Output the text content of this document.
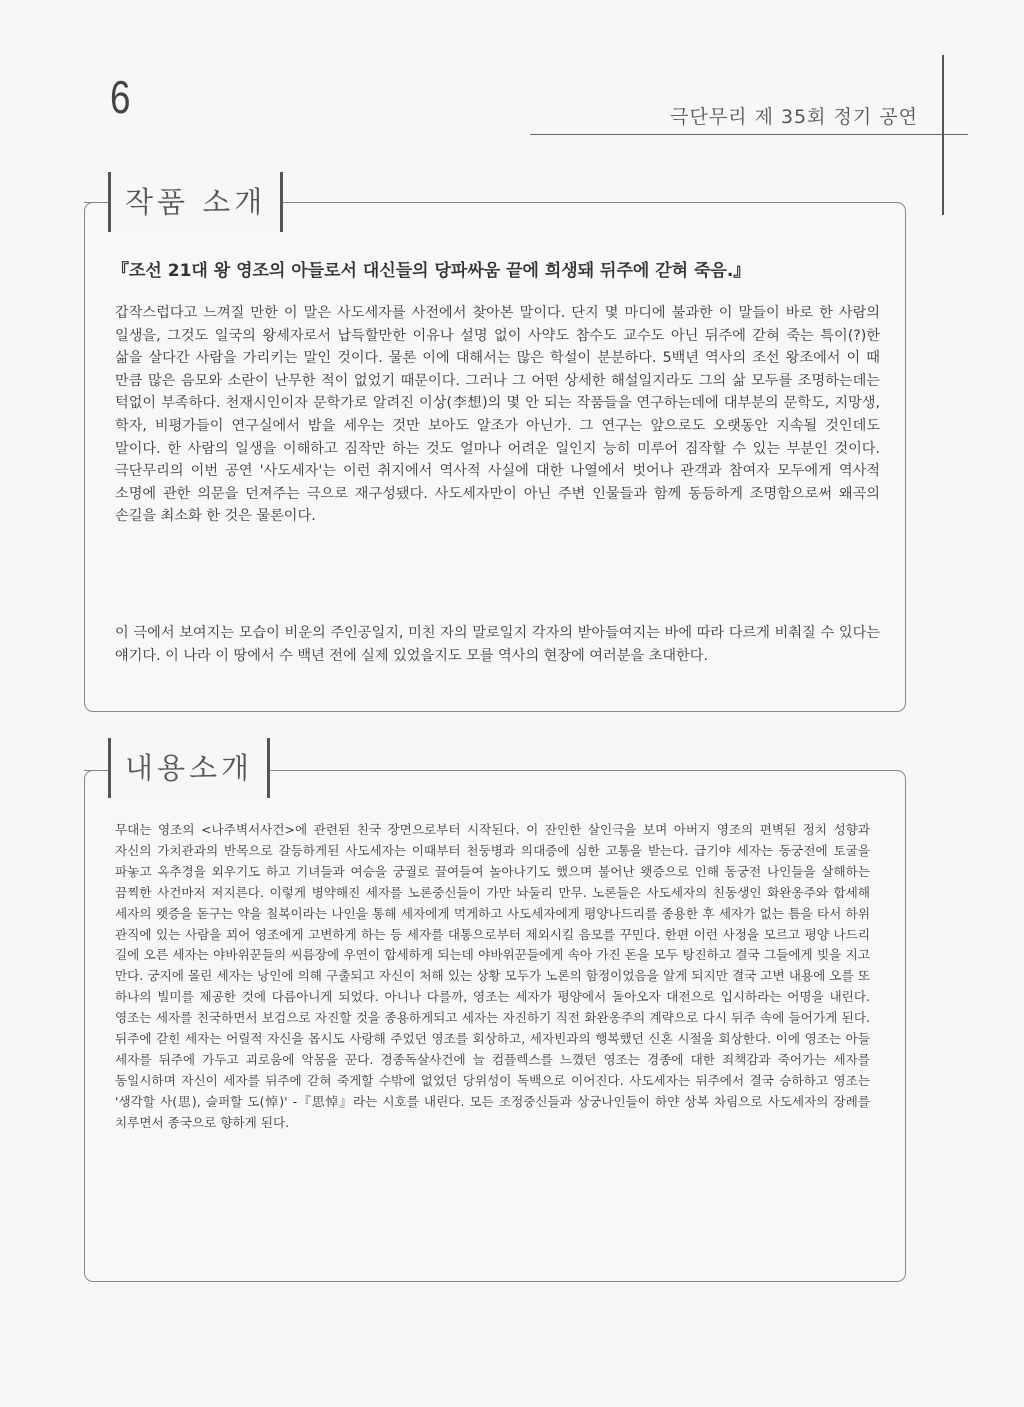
6	극단무리 제 35회 정기 공연
작품 소개
『조선 21대 왕 영조의 아들로서 대신들의 당파싸움 끝에 희생돼 뒤주에 갇혀 죽음.』
갑작스럽다고 느껴질 만한 이 말은 사도세자를 사전에서 찾아본 말이다. 단지 몇 마디에 불과한 이 말들이 바로 한 사람의 일생을, 그것도 일국의 왕세자로서 납득할만한 이유나 설명 없이 사약도 참수도 교수도 아닌 뒤주에 갇혀 죽는 특이(?)한 삶을 살다간 사람을 가리키는 말인 것이다. 물론 이에 대해서는 많은 학설이 분분하다. 5백년 역사의 조선 왕조에서 이 때 만큼 많은 음모와 소란이 난무한 적이 없었기 때문이다. 그러나 그 어떤 상세한 해설일지라도 그의 삶 모두를 조명하는데는 턱없이 부족하다. 천재시인이자 문학가로 알려진 이상(李想)의 몇 안 되는 작품들을 연구하는데에 대부분의 문학도, 지망생, 학자, 비평가들이 연구실에서 밤을 세우는 것만 보아도 알조가 아닌가. 그 연구는 앞으로도 오랫동안 지속될 것인데도 말이다. 한 사람의 일생을 이해하고 짐작만 하는 것도 얼마나 어려운 일인지 능히 미루어 짐작할 수 있는 부분인 것이다. 극단무리의 이번 공연 '사도세자'는 이런 취지에서 역사적 사실에 대한 나열에서 벗어나 관객과 참여자 모두에게 역사적 소명에 관한 의문을 던져주는 극으로 재구성됐다. 사도세자만이 아닌 주변 인물들과 함께 동등하게 조명함으로써 왜곡의 손길을 최소화 한 것은 물론이다.
이 극에서 보여지는 모습이 비운의 주인공일지, 미친 자의 말로일지 각자의 받아들여지는 바에 따라 다르게 비춰질 수 있다는 얘기다. 이 나라 이 땅에서 수 백년 전에 실제 있었을지도 모를 역사의 현장에 여러분을 초대한다.
내용소개
무대는 영조의 <나주벽서사건>에 관련된 친국 장면으로부터 시작된다. 이 잔인한 살인극을 보며 아버지 영조의 편벽된 정치 성향과 자신의 가치관과의 반목으로 갈등하게된 사도세자는 이때부터 천둥병과 의대증에 심한 고통을 받는다. 급기야 세자는 동궁전에 토굴을 파놓고 옥추경을 외우기도 하고 기녀들과 여승을 궁궐로 끌여들여 놀아나기도 했으며 불어난 왯증으로 인해 동궁전 나인들을 살해하는 끔찍한 사건마저 저지른다. 이렇게 병약해진 세자를 노론중신들이 가만 놔둘리 만무. 노론들은 사도세자의 친동생인 화완옹주와 합세해 세자의 왯증을 돋구는 약을 칠복이라는 나인을 통해 세자에게 먹게하고 사도세자에게 평양나드리를 종용한 후 세자가 없는 틈을 타서 하위 관직에 있는 사람을 꾀어 영조에게 고변하게 하는 등 세자를 대통으로부터 제외시킬 음모를 꾸민다. 한편 이런 사정을 모르고 평양 나드리 길에 오른 세자는 야바위꾼들의 씨름장에 우연이 합세하게 되는데 야바위꾼들에게 속아 가진 돈을 모두 탕진하고 결국 그들에게 빚을 지고 만다. 궁지에 몰린 세자는 낭인에 의해 구출되고 자신이 처해 있는 상황 모두가 노론의 함정이었음을 알게 되지만 결국 고변 내용에 오를 또 하나의 빌미를 제공한 것에 다름아니게 되었다. 아니나 다를까, 영조는 세자가 평양에서 돌아오자 대전으로 입시하라는 어명을 내린다. 영조는 세자를 친국하면서 보검으로 자진할 것을 종용하게되고 세자는 자진하기 직전 화완옹주의 계략으로 다시 뒤주 속에 들어가게 된다. 뒤주에 갇힌 세자는 어릴적 자신을 몹시도 사랑해 주었던 영조를 회상하고, 세자빈과의 행복했던 신혼 시절을 회상한다. 이에 영조는 아들 세자를 뒤주에 가두고 괴로움에 악몽을 꾼다. 경종독살사건에 늘 컴플렉스를 느꼈던 영조는 경종에 대한 죄책감과 죽어가는 세자를 동일시하며 자신이 세자를 뒤주에 갇혀 죽게할 수밖에 없었던 당위성이 독백으로 이어진다. 사도세자는 뒤주에서 결국 승하하고 영조는 '생각할 사(思), 슬퍼할 도(悼)' -『思悼』라는 시호를 내린다. 모든 조정중신들과 상궁나인들이 하얀 상복 차림으로 사도세자의 장례를 치루면서 종국으로 향하게 된다.
